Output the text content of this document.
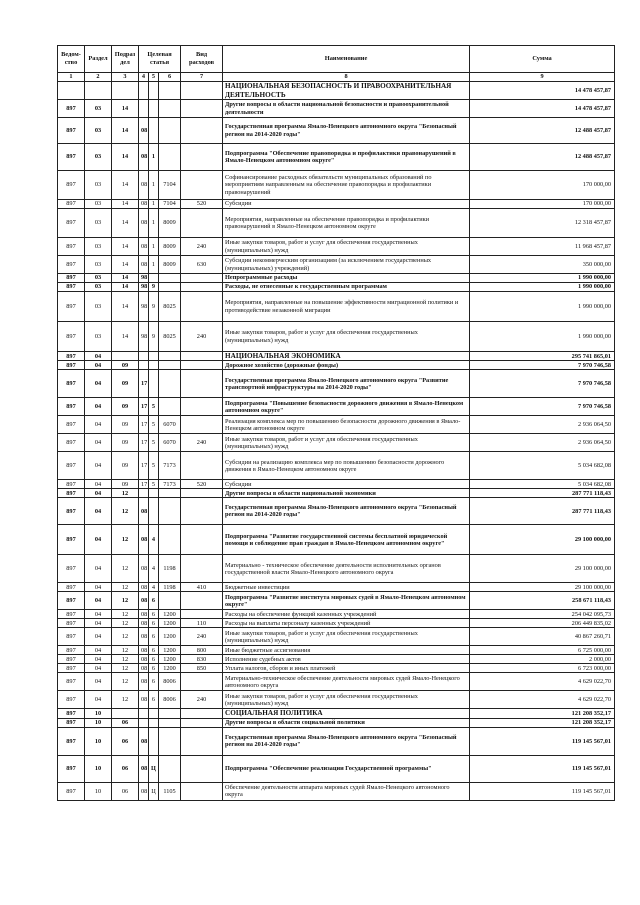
Ведом-ство	Раздел	Подраз дел	Целевая статья			Вид расходов	Наименование	Сумма
1	2	3	4	5	6	7	8	9
							НАЦИОНАЛЬНАЯ БЕЗОПАСНОСТЬ И ПРАВООХРАНИТЕЛЬНАЯ ДЕЯТЕЛЬНОСТЬ	14 478 457,87
897	03	14					Другие вопросы в области национальной безопасности и правоохранительной деятельности	14 478 457,87
897	03	14	08				Государственная программа Ямало-Ненецкого автономного округа "Безопасный регион на 2014-2020 годы"	12 488 457,87
897	03	14	08	1			Подпрограмма "Обеспечение правопорядка и профилактики правонарушений в Ямало-Ненецком автономном округе"	12 488 457,87
897	03	14	08	1	7104		Софинансирование расходных обязательств муниципальных образований по мероприятиям направленным на обеспечение правопорядка и профилактики правонарушений	170 000,00
897	03	14	08	1	7104	520	Субсидии	170 000,00
897	03	14	08	1	8009		Мероприятия, направленные на обеспечение правопорядка и профилактики правонарушений в Ямало-Ненецком автономном округе	12 318 457,87
897	03	14	08	1	8009	240	Иные закупки товаров, работ и услуг для обеспечения государственных (муниципальных) нужд	11 968 457,87
897	03	14	08	1	8009	630	Субсидии некоммерческим организациям (за исключением государственных (муниципальных) учреждений)	350 000,00
897	03	14	98				Непрограммные расходы	1 990 000,00
897	03	14	98	9			Расходы, не отнесенные к государственным программам	1 990 000,00
897	03	14	98	9	8025		Мероприятия, направленные на повышение эффективности миграционной политики и противодействие незаконной миграции	1 990 000,00
897	03	14	98	9	8025	240	Иные закупки товаров, работ и услуг для обеспечения государственных (муниципальных) нужд	1 990 000,00
897	04						НАЦИОНАЛЬНАЯ ЭКОНОМИКА	295 741 865,01
897	04	09					Дорожное хозяйство (дорожные фонды)	7 970 746,58
897	04	09	17				Государственная программа Ямало-Ненецкого автономного округа "Развитие транспортной инфраструктуры на 2014-2020 годы"	7 970 746,58
897	04	09	17	5			Подпрограмма "Повышение безопасности дорожного движения в Ямало-Ненецком автономном округе"	7 970 746,58
897	04	09	17	5	6070		Реализация комплекса мер по повышению безопасности дорожного движения в Ямало-Ненецком автономном округе	2 936 064,50
897	04	09	17	5	6070	240	Иные закупки товаров, работ и услуг для обеспечения государственных (муниципальных) нужд	2 936 064,50
897	04	09	17	5	7173		Субсидии на реализацию комплекса мер по повышению безопасности дорожного движения в Ямало-Ненецком автономном округе	5 034 682,08
897	04	09	17	5	7173	520	Субсидии	5 034 682,08
897	04	12					Другие вопросы в области национальной экономики	287 771 118,43
897	04	12	08				Государственная программа Ямало-Ненецкого автономного округа "Безопасный регион на 2014-2020 годы"	287 771 118,43
897	04	12	08	4			Подпрограмма "Развитие государственной системы бесплатной юридической помощи и соблюдение прав граждан в Ямало-Ненецком автономном округе"	29 100 000,00
897	04	12	08	4	1198		Материально - техническое обеспечение деятельности исполнительных органов государственной власти Ямало-Ненецкого автономного округа	29 100 000,00
897	04	12	08	4	1198	410	Бюджетные инвестиции	29 100 000,00
897	04	12	08	6			Подпрограмма "Развитие института мировых судей в Ямало-Ненецком автономном округе"	258 671 118,43
897	04	12	08	6	1200		Расходы на обеспечение функций казенных учреждений	254 042 095,73
897	04	12	08	6	1200	110	Расходы на выплаты персоналу казенных учреждений	206 449 835,02
897	04	12	08	6	1200	240	Иные закупки товаров, работ и услуг для обеспечения государственных (муниципальных) нужд	40 867 260,71
897	04	12	08	6	1200	800	Иные бюджетные ассигнования	6 725 000,00
897	04	12	08	6	1200	830	Исполнение судебных актов	2 000,00
897	04	12	08	6	1200	850	Уплата налогов, сборов и иных платежей	6 723 000,00
897	04	12	08	6	8006		Материально-техническое обеспечение деятельности мировых судей Ямало-Ненецкого автономного округа	4 629 022,70
897	04	12	08	6	8006	240	Иные закупки товаров, работ и услуг для обеспечения государственных (муниципальных) нужд	4 629 022,70
897	10						СОЦИАЛЬНАЯ ПОЛИТИКА	121 208 352,17
897	10	06					Другие вопросы в области социальной политики	121 208 352,17
897	10	06	08				Государственная программа Ямало-Ненецкого автономного округа "Безопасный регион на 2014-2020 годы"	119 145 567,01
897	10	06	08	Ц			Подпрограмма "Обеспечение реализации Государственной программы"	119 145 567,01
897	10	06	08	Ц	1105		Обеспечение деятельности аппарата мировых судей Ямало-Ненецкого автономного округа	119 145 567,01
